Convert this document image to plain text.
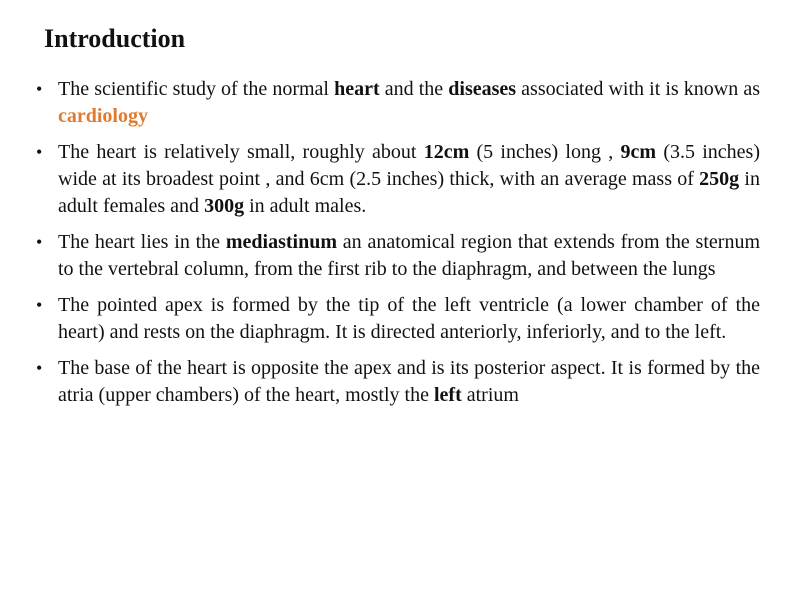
Introduction
• The scientific study of the normal heart and the diseases associated with it is known as cardiology
• The heart is relatively small, roughly about 12cm (5 inches) long , 9cm (3.5 inches) wide at its broadest point , and 6cm (2.5 inches) thick, with an average mass of 250g in adult females and 300g in adult males.
• The heart lies in the mediastinum an anatomical region that extends from the sternum to the vertebral column, from the first rib to the diaphragm, and between the lungs
• The pointed apex is formed by the tip of the left ventricle (a lower chamber of the heart) and rests on the diaphragm. It is directed anteriorly, inferiorly, and to the left.
• The base of the heart is opposite the apex and is its posterior aspect. It is formed by the atria (upper chambers) of the heart, mostly the left atrium
